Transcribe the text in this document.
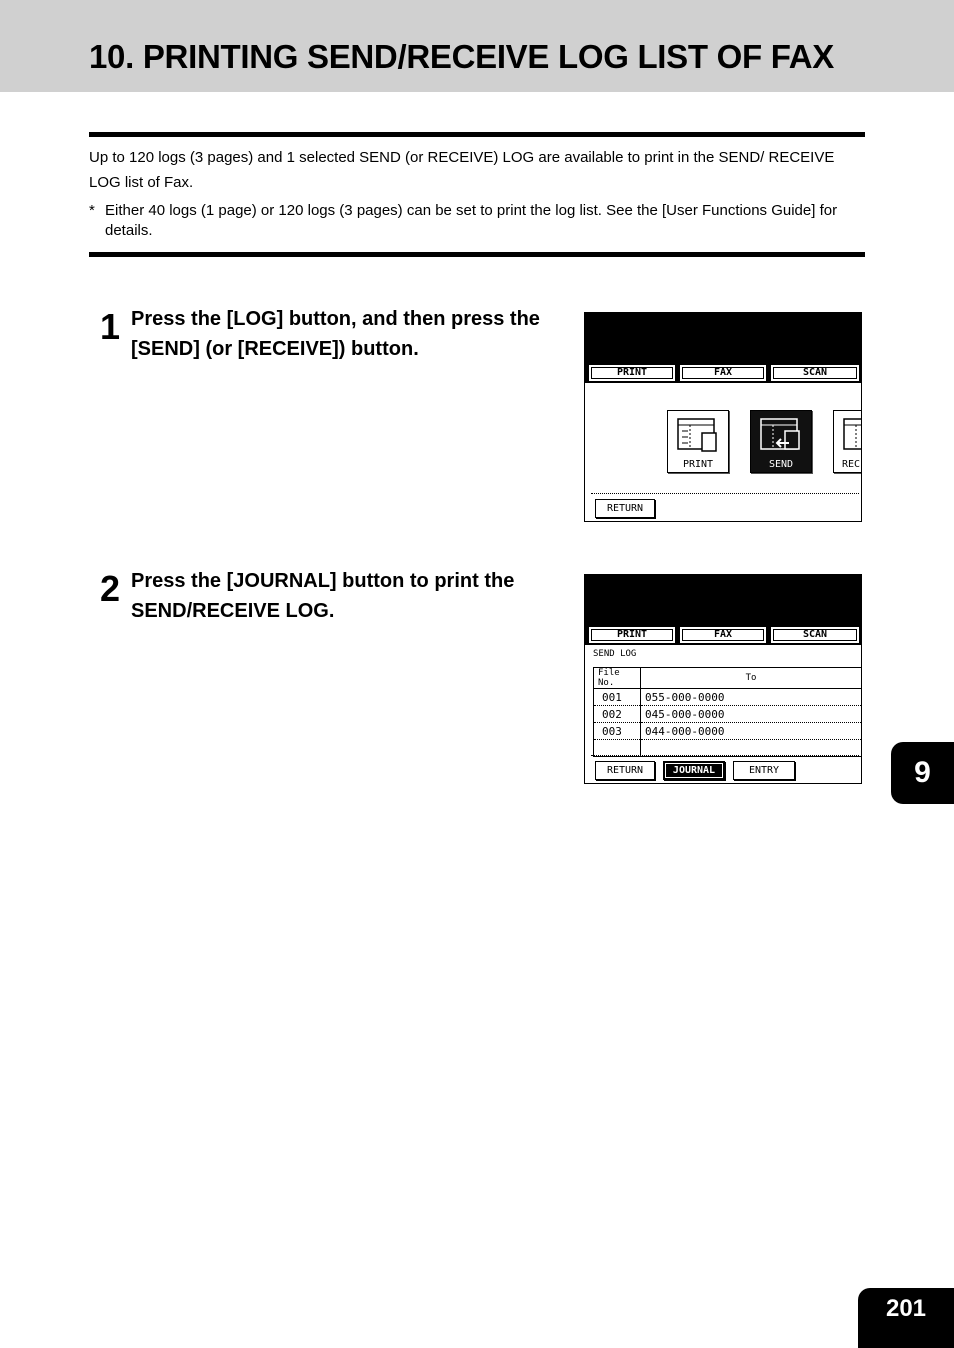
10. PRINTING SEND/RECEIVE LOG LIST OF FAX

Up to 120 logs (3 pages) and 1 selected SEND (or RECEIVE) LOG are available to print in the SEND/ RECEIVE LOG list of Fax.

* Either 40 logs (1 page) or 120 logs (3 pages) can be set to print the log list. See the [User Functions Guide] for details.

1 Press the [LOG] button, and then press the [SEND] (or [RECEIVE]) button.

PRINT	FAX	SCAN
PRINT	SEND	REC
RETURN
2 Press the [JOURNAL] button to print the SEND/RECEIVE LOG.

PRINT	FAX	SCAN
SEND LOG
File No.	To
001	055-000-0000
002	045-000-0000
003	044-000-0000

RETURN	JOURNAL	ENTRY	9
201
